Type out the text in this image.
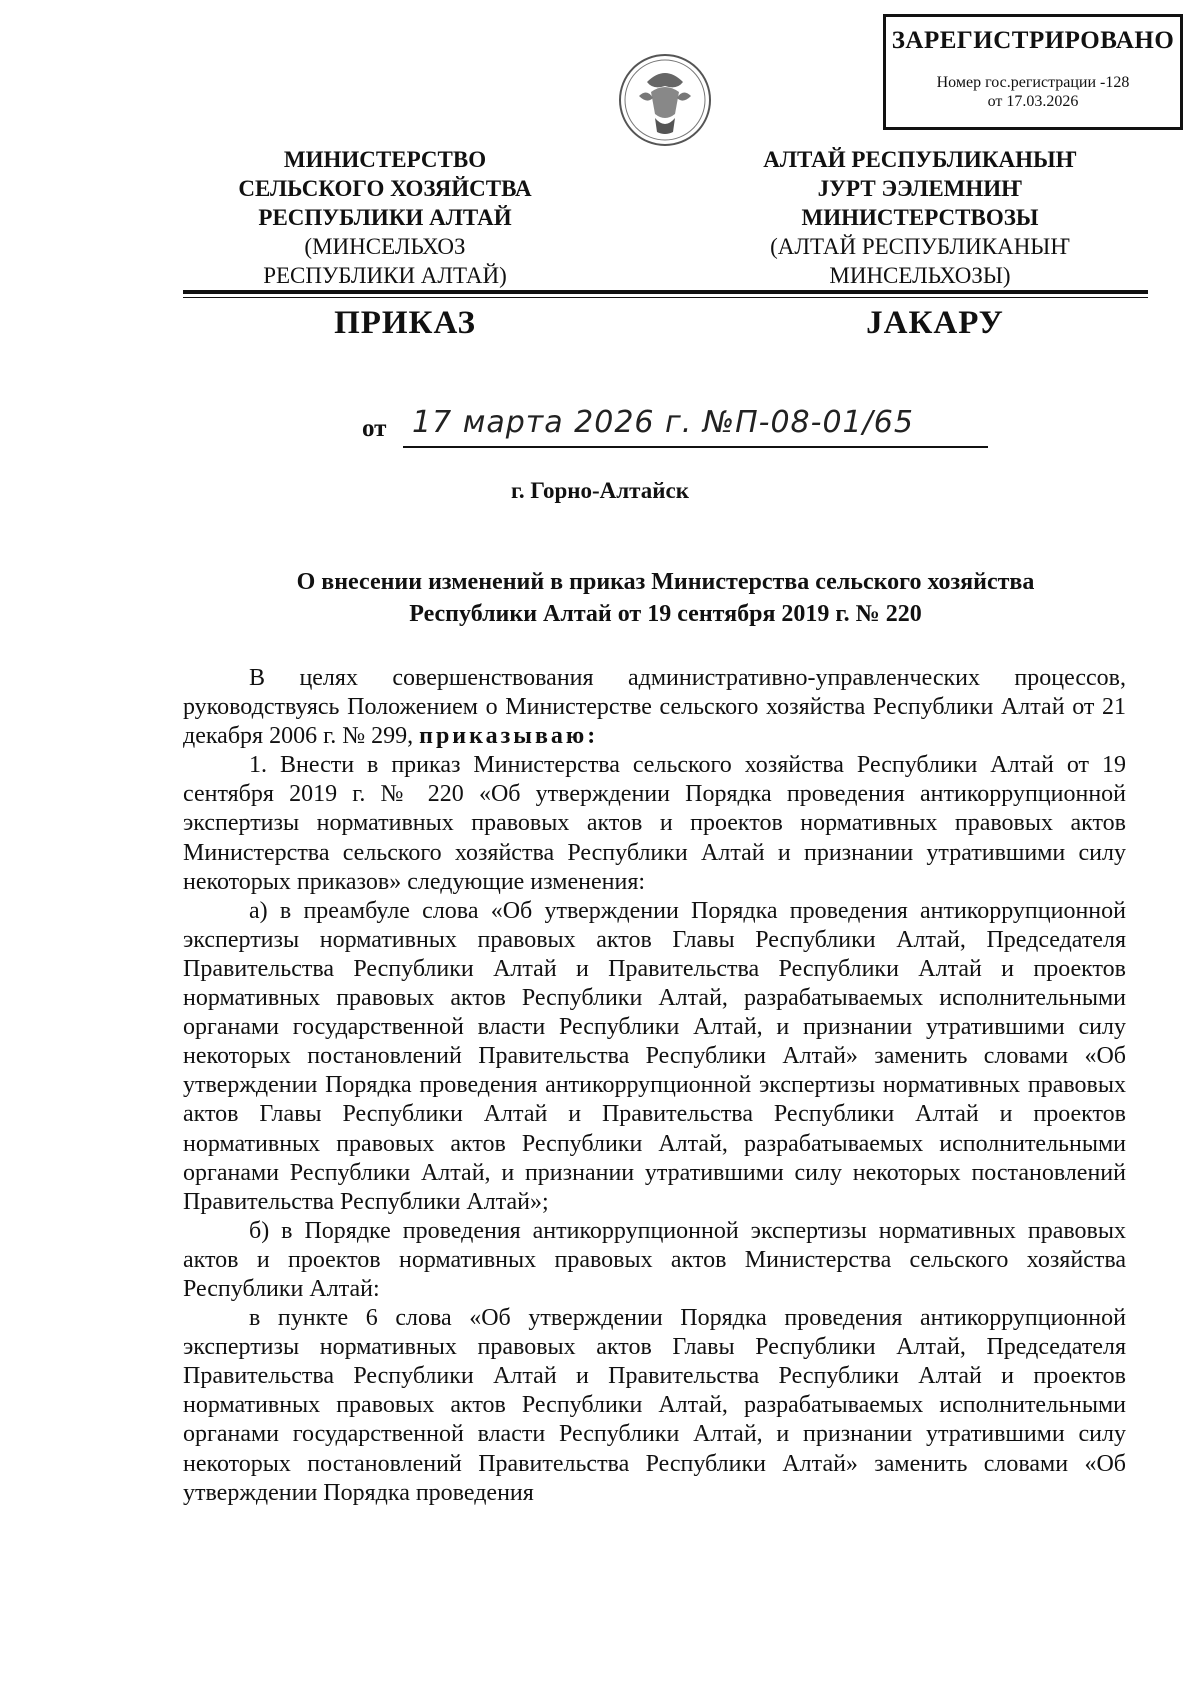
ЗАРЕГИСТРИРОВАНО
Номер гос.регистрации -128
от 17.03.2026
МИНИСТЕРСТВО
СЕЛЬСКОГО ХОЗЯЙСТВА
РЕСПУБЛИКИ АЛТАЙ
(МИНСЕЛЬХОЗ
РЕСПУБЛИКИ АЛТАЙ)
АЛТАЙ РЕСПУБЛИКАНЫҤ
ЈУРТ ЭЭЛЕМНИҤ
МИНИСТЕРСТВОЗЫ
(АЛТАЙ РЕСПУБЛИКАНЫҤ
МИНСЕЛЬХОЗЫ)
ПРИКАЗ	ЈАКАРУ
от 17 марта 2026 г. №П-08-01/65
г. Горно-Алтайск
О внесении изменений в приказ Министерства сельского хозяйства
Республики Алтай от 19 сентября 2019 г. № 220

В целях совершенствования административно-управленческих процессов, руководствуясь Положением о Министерстве сельского хозяйства Республики Алтай от 21 декабря 2006 г. № 299, приказываю:

1. Внести в приказ Министерства сельского хозяйства Республики Алтай от 19 сентября 2019 г. № 220 «Об утверждении Порядка проведения антикоррупционной экспертизы нормативных правовых актов и проектов нормативных правовых актов Министерства сельского хозяйства Республики Алтай и признании утратившими силу некоторых приказов» следующие изменения:

а) в преамбуле слова «Об утверждении Порядка проведения антикоррупционной экспертизы нормативных правовых актов Главы Республики Алтай, Председателя Правительства Республики Алтай и Правительства Республики Алтай и проектов нормативных правовых актов Республики Алтай, разрабатываемых исполнительными органами государственной власти Республики Алтай, и признании утратившими силу некоторых постановлений Правительства Республики Алтай» заменить словами «Об утверждении Порядка проведения антикоррупционной экспертизы нормативных правовых актов Главы Республики Алтай и Правительства Республики Алтай и проектов нормативных правовых актов Республики Алтай, разрабатываемых исполнительными органами Республики Алтай, и признании утратившими силу некоторых постановлений Правительства Республики Алтай»;

б) в Порядке проведения антикоррупционной экспертизы нормативных правовых актов и проектов нормативных правовых актов Министерства сельского хозяйства Республики Алтай:

в пункте 6 слова «Об утверждении Порядка проведения антикоррупционной экспертизы нормативных правовых актов Главы Республики Алтай, Председателя Правительства Республики Алтай и Правительства Республики Алтай и проектов нормативных правовых актов Республики Алтай, разрабатываемых исполнительными органами государственной власти Республики Алтай, и признании утратившими силу некоторых постановлений Правительства Республики Алтай» заменить словами «Об утверждении Порядка проведения
